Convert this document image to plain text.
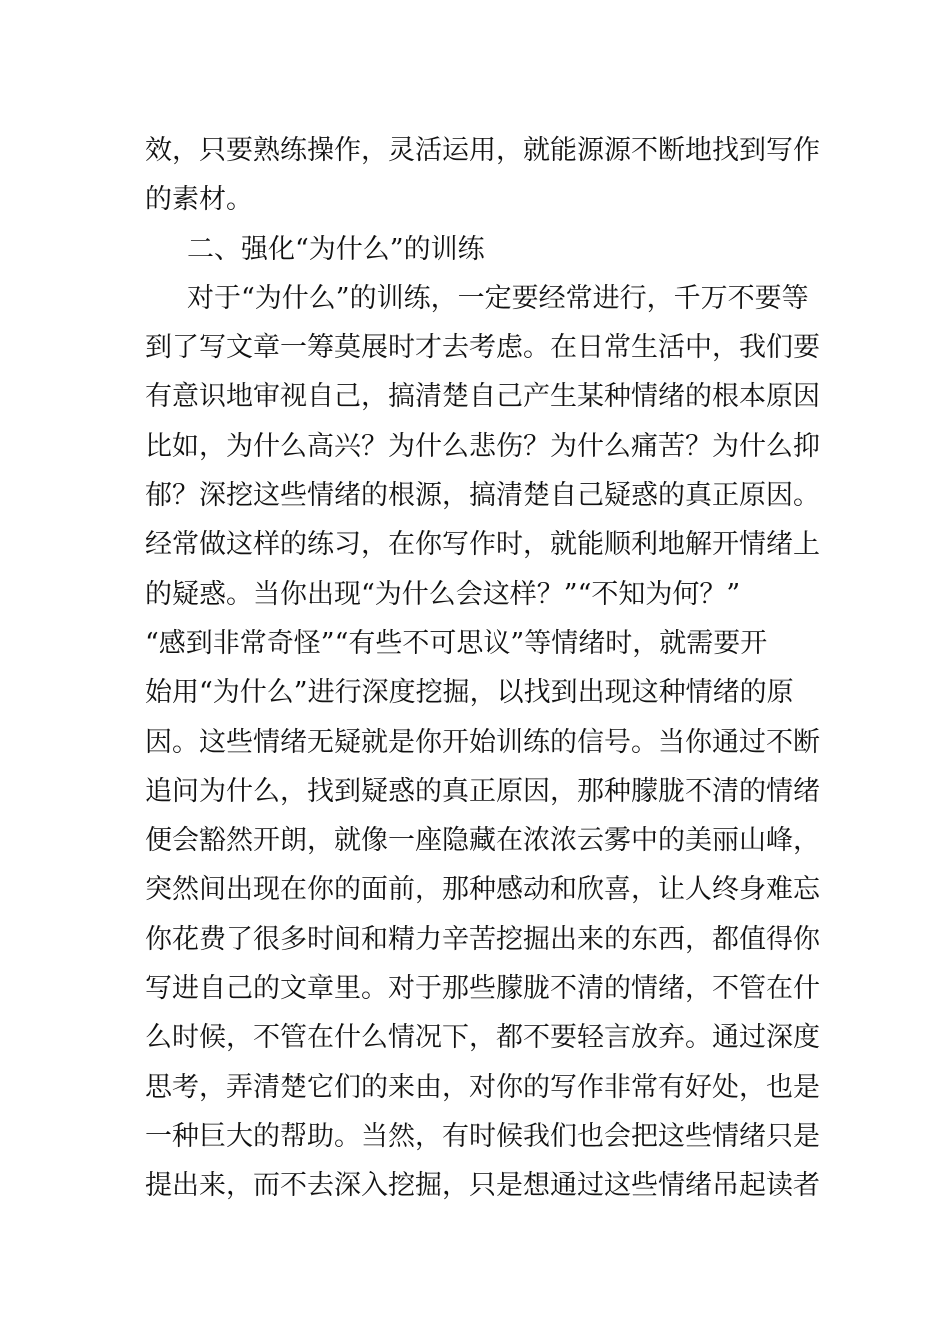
效，只要熟练操作，灵活运用，就能源源不断地找到写作
的素材。
二、强化“为什么”的训练
对于“为什么”的训练，一定要经常进行，千万不要等
到了写文章一筹莫展时才去考虑。在日常生活中，我们要
有意识地审视自己，搞清楚自己产生某种情绪的根本原因
比如，为什么高兴？为什么悲伤？为什么痛苦？为什么抑
郁？深挖这些情绪的根源，搞清楚自己疑惑的真正原因。
经常做这样的练习，在你写作时，就能顺利地解开情绪上
的疑惑。当你出现“为什么会这样？”“不知为何？”
“感到非常奇怪”“有些不可思议”等情绪时，就需要开
始用“为什么”进行深度挖掘，以找到出现这种情绪的原
因。这些情绪无疑就是你开始训练的信号。当你通过不断
追问为什么，找到疑惑的真正原因，那种朦胧不清的情绪
便会豁然开朗，就像一座隐藏在浓浓云雾中的美丽山峰，
突然间出现在你的面前，那种感动和欣喜，让人终身难忘
你花费了很多时间和精力辛苦挖掘出来的东西，都值得你
写进自己的文章里。对于那些朦胧不清的情绪，不管在什
么时候，不管在什么情况下，都不要轻言放弃。通过深度
思考，弄清楚它们的来由，对你的写作非常有好处，也是
一种巨大的帮助。当然，有时候我们也会把这些情绪只是
提出来，而不去深入挖掘，只是想通过这些情绪吊起读者
